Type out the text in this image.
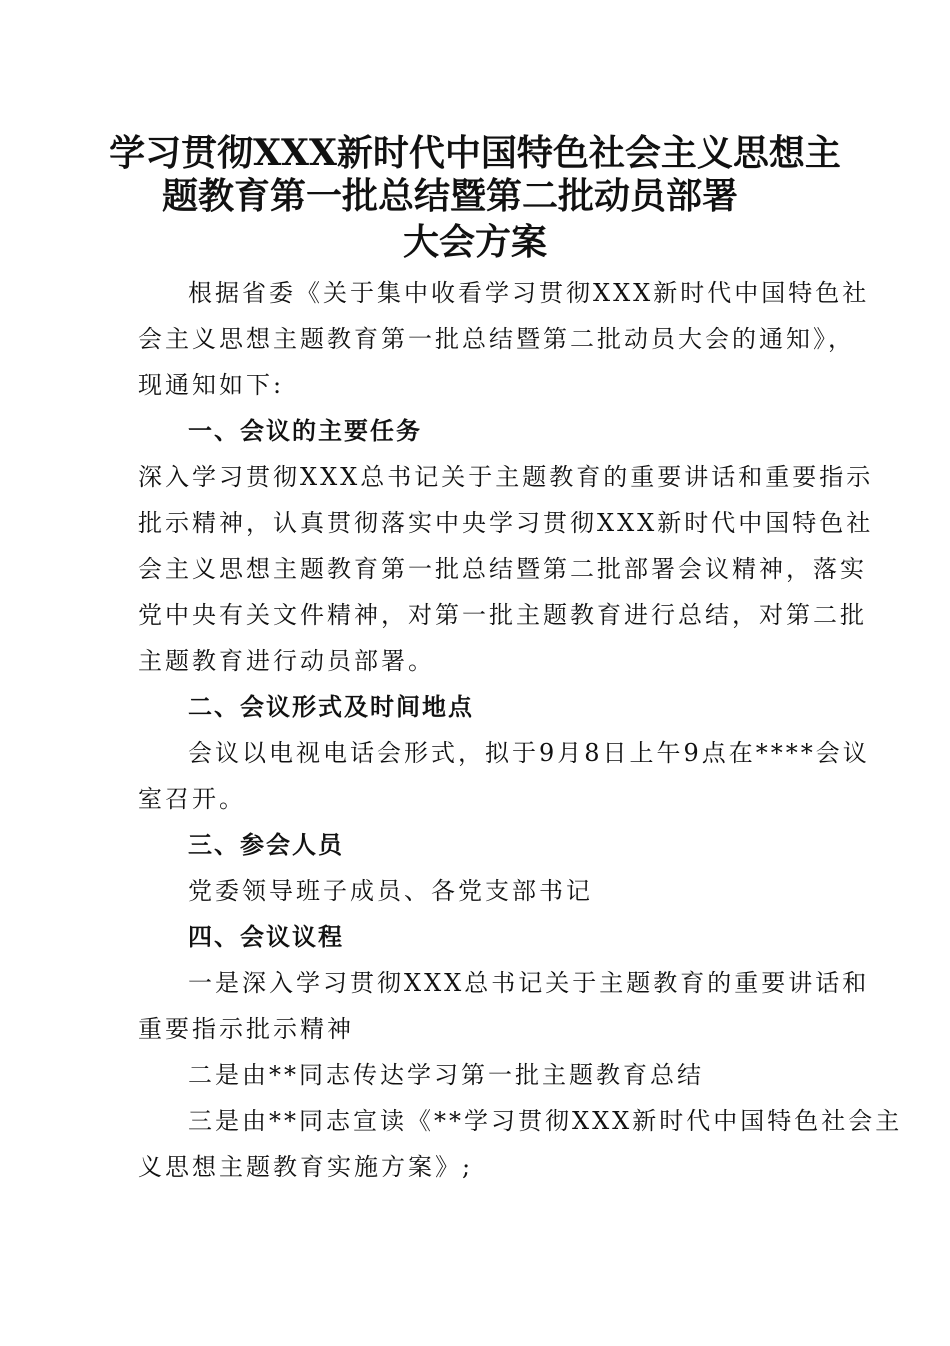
学习贯彻XXX新时代中国特色社会主义思想主
题教育第一批总结暨第二批动员部署
大会方案
根据省委《关于集中收看学习贯彻XXX新时代中国特色社
会主义思想主题教育第一批总结暨第二批动员大会的通知》，
现通知如下:
一、会议的主要任务
深入学习贯彻XXX总书记关于主题教育的重要讲话和重要指示
批示精神，认真贯彻落实中央学习贯彻XXX新时代中国特色社
会主义思想主题教育第一批总结暨第二批部署会议精神，落实
党中央有关文件精神，对第一批主题教育进行总结，对第二批
主题教育进行动员部署。
二、会议形式及时间地点
会议以电视电话会形式，拟于9月8日上午9点在****会议
室召开。
三、参会人员
党委领导班子成员、各党支部书记
四、会议议程
一是深入学习贯彻XXX总书记关于主题教育的重要讲话和
重要指示批示精神
二是由**同志传达学习第一批主题教育总结
三是由**同志宣读《**学习贯彻XXX新时代中国特色社会主
义思想主题教育实施方案》;
